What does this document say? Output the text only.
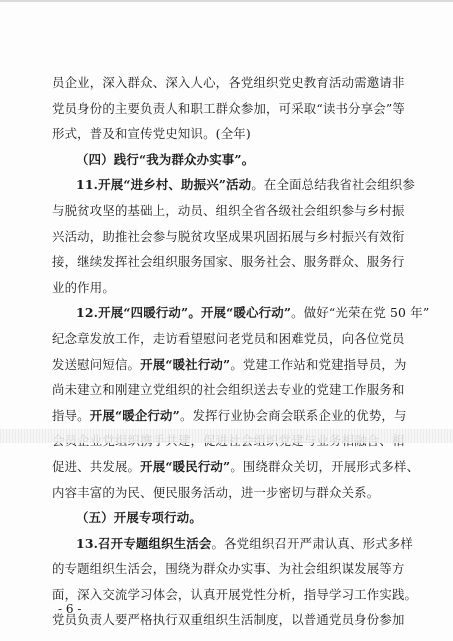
员企业，深入群众、深入人心，各党组织党史教育活动需邀请非
党员身份的主要负责人和职工群众参加，可采取“读书分享会”等
形式，普及和宣传党史知识。(全年)
（四）践行“我为群众办实事”。
11.开展“进乡村、助振兴”活动。在全面总结我省社会组织参
与脱贫攻坚的基础上，动员、组织全省各级社会组织参与乡村振
兴活动，助推社会参与脱贫攻坚成果巩固拓展与乡村振兴有效衔
接，继续发挥社会组织服务国家、服务社会、服务群众、服务行
业的作用。
12.开展“四暖行动”。开展“暖心行动”。做好“光荣在党 50 年”
纪念章发放工作，走访看望慰问老党员和困难党员，向各位党员
发送慰问短信。开展“暖社行动”。党建工作站和党建指导员，为
尚未建立和刚建立党组织的社会组织送去专业的党建工作服务和
指导。开展“暖企行动”。发挥行业协会商会联系企业的优势，与
促进、共发展。开展“暖民行动”。围绕群众关切，开展形式多样、
内容丰富的为民、便民服务活动，进一步密切与群众关系。
（五）开展专项行动。
13.召开专题组织生活会。各党组织召开严肃认真、形式多样
的专题组织生活会，围绕为群众办实事、为社会组织谋发展等方
面，深入交流学习体会，认真开展党性分析，指导学习工作实践。
党员负责人要严格执行双重组织生活制度，以普通党员身份参加
- 6 -
